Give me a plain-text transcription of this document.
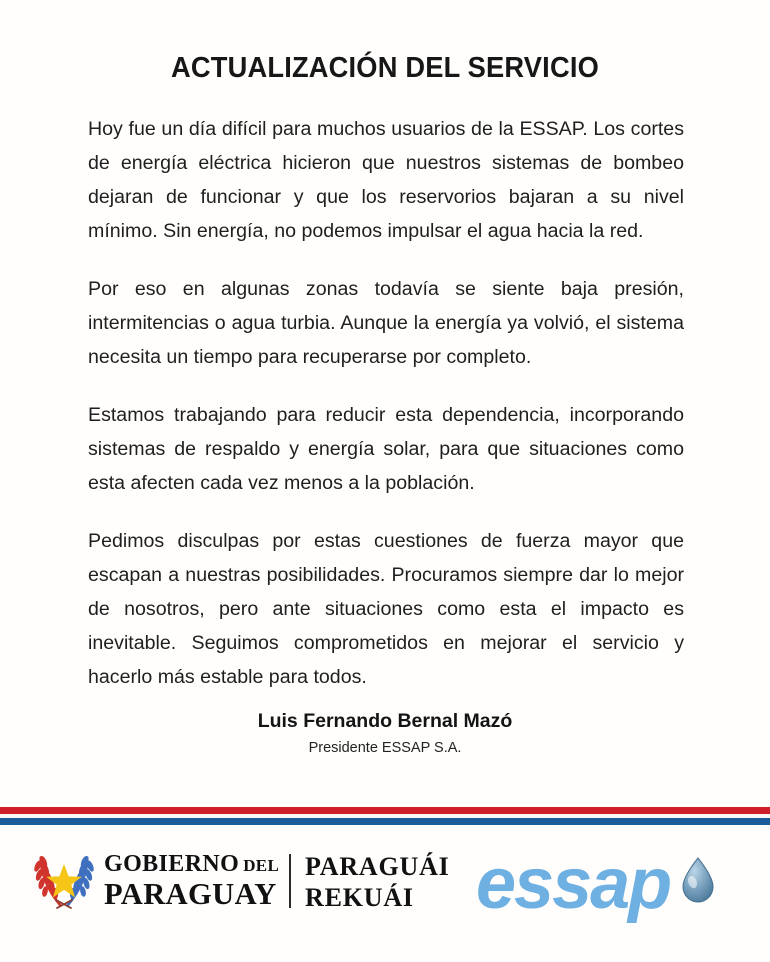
ACTUALIZACIÓN DEL SERVICIO

Hoy fue un día difícil para muchos usuarios de la ESSAP. Los cortes de energía eléctrica hicieron que nuestros sistemas de bombeo dejaran de funcionar y que los reservorios bajaran a su nivel mínimo. Sin energía, no podemos impulsar el agua hacia la red.

Por eso en algunas zonas todavía se siente baja presión, intermitencias o agua turbia. Aunque la energía ya volvió, el sistema necesita un tiempo para recuperarse por completo.

Estamos trabajando para reducir esta dependencia, incorporando sistemas de respaldo y energía solar, para que situaciones como esta afecten cada vez menos a la población.

Pedimos disculpas por estas cuestiones de fuerza mayor que escapan a nuestras posibilidades. Procuramos siempre dar lo mejor de nosotros, pero ante situaciones como esta el impacto es inevitable. Seguimos comprometidos en mejorar el servicio y hacerlo más estable para todos.

Luis Fernando Bernal Mazó
Presidente ESSAP S.A.
GOBIERNO DEL
PARAGUAY
PARAGUÁI
REKUÁI essap
